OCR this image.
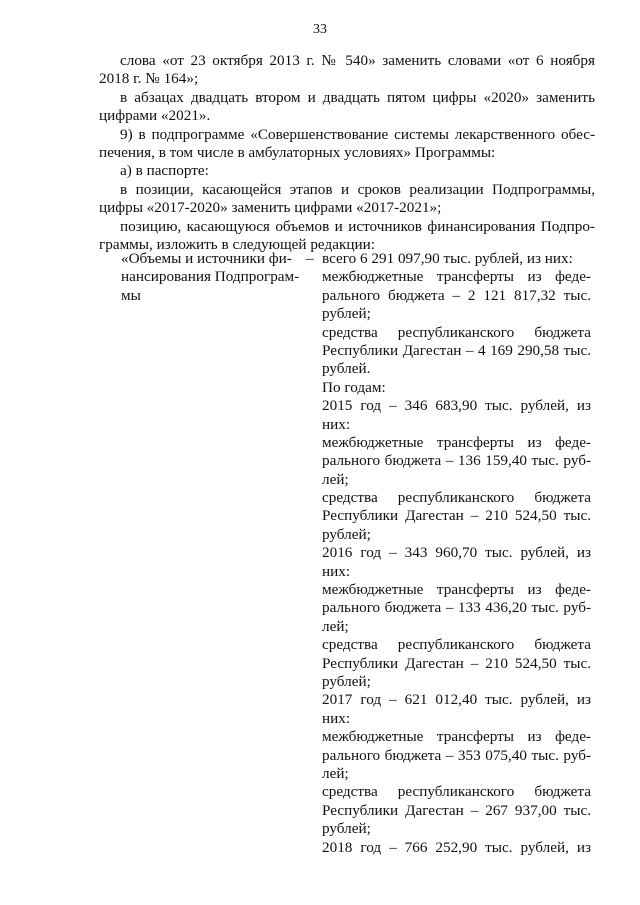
33
слова «от 23 октября 2013 г. № 540» заменить словами «от 6 ноября
2018 г. № 164»;
в абзацах двадцать втором и двадцать пятом цифры «2020» заменить
цифрами «2021».
9) в подпрограмме «Совершенствование системы лекарственного обес-
печения, в том числе в амбулаторных условиях» Программы:
а) в паспорте:
в позиции, касающейся этапов и сроков реализации Подпрограммы,
цифры «2017-2020» заменить цифрами «2017-2021»;
позицию, касающуюся объемов и источников финансирования Подпро-
граммы, изложить в следующей редакции:
«Объемы и источники фи-
нансирования Подпрограм-
мы
– всего 6 291 097,90 тыс. рублей, из них:
межбюджетные трансферты из феде-
рального бюджета – 2 121 817,32 тыс.
рублей;
средства республиканского бюджета
Республики Дагестан – 4 169 290,58 тыс.
рублей.
По годам:
2015 год – 346 683,90 тыс. рублей, из
них:
межбюджетные трансферты из феде-
рального бюджета – 136 159,40 тыс. руб-
лей;
средства республиканского бюджета
Республики Дагестан – 210 524,50 тыс.
рублей;
2016 год – 343 960,70 тыс. рублей, из
них:
межбюджетные трансферты из феде-
рального бюджета – 133 436,20 тыс. руб-
лей;
средства республиканского бюджета
Республики Дагестан – 210 524,50 тыс.
рублей;
2017 год – 621 012,40 тыс. рублей, из
них:
межбюджетные трансферты из феде-
рального бюджета – 353 075,40 тыс. руб-
лей;
средства республиканского бюджета
Республики Дагестан – 267 937,00 тыс.
рублей;
2018 год – 766 252,90 тыс. рублей, из
